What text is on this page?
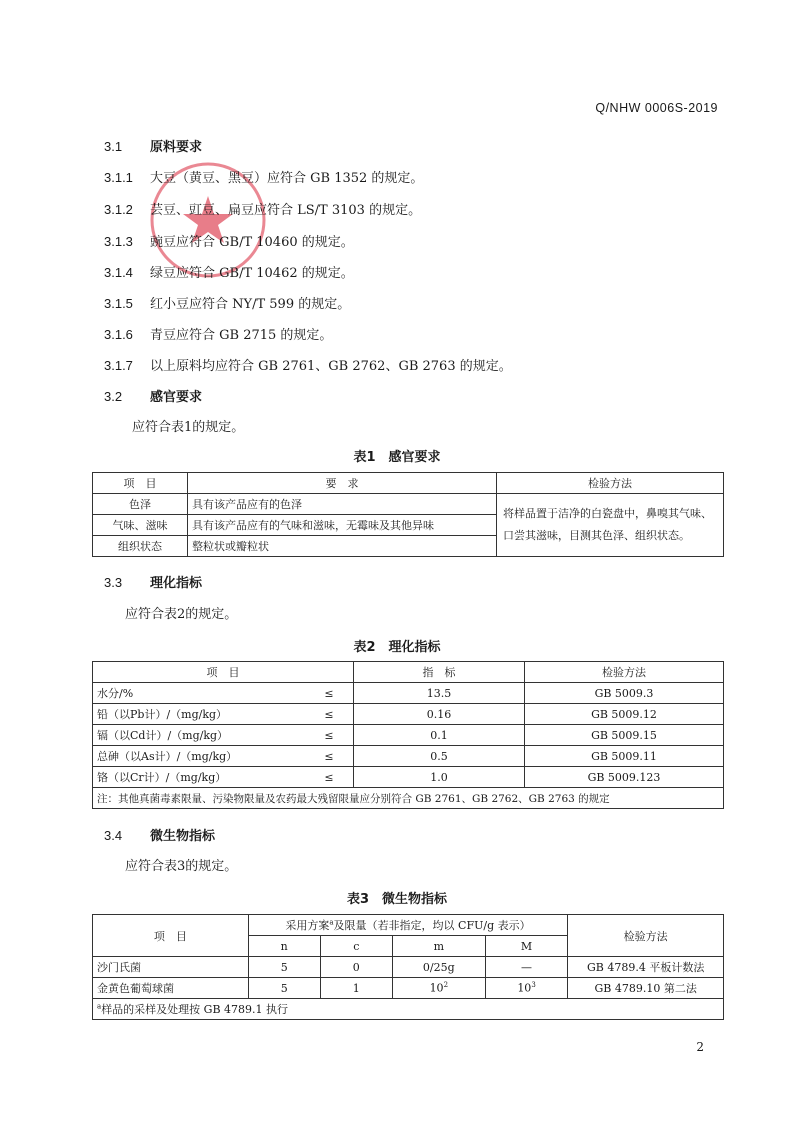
Q/NHW 0006S-2019
3.1 原料要求
3.1.1 大豆（黄豆、黑豆）应符合 GB 1352 的规定。
3.1.2 芸豆、豇豆、扁豆应符合 LS/T 3103 的规定。
3.1.3 豌豆应符合 GB/T 10460 的规定。
3.1.4 绿豆应符合 GB/T 10462 的规定。
3.1.5 红小豆应符合 NY/T 599 的规定。
3.1.6 青豆应符合 GB 2715 的规定。
3.1.7 以上原料均应符合 GB 2761、GB 2762、GB 2763 的规定。
3.2 感官要求
应符合表1的规定。
表1　感官要求
项　目	要　求	检验方法
色泽	具有该产品应有的色泽	将样品置于洁净的白瓷盘中，鼻嗅其气味、口尝其滋味，目测其色泽、组织状态。
气味、滋味	具有该产品应有的气味和滋味，无霉味及其他异味	
组织状态	整粒状或瓣粒状	
3.3 理化指标
应符合表2的规定。
表2　理化指标
项　目		指　标	检验方法
水分/%	≤	13.5	GB 5009.3
铅（以Pb计）/（mg/kg）	≤	0.16	GB 5009.12
镉（以Cd计）/（mg/kg）	≤	0.1	GB 5009.15
总砷（以As计）/（mg/kg）	≤	0.5	GB 5009.11
铬（以Cr计）/（mg/kg）	≤	1.0	GB 5009.123
注：其他真菌毒素限量、污染物限量及农药最大残留限量应分别符合 GB 2761、GB 2762、GB 2763 的规定			
3.4 微生物指标
应符合表3的规定。
表3　微生物指标
项　目	采用方案$^a$及限量（若非指定，均以 CFU/g 表示）				检验方法
	n	c	m	M	
沙门氏菌	5	0	0/25g	—	GB 4789.4 平板计数法
金黄色葡萄球菌	5	1	$10^2$	$10^3$	GB 4789.10 第二法
$^a$样品的采样及处理按 GB 4789.1 执行					
2
